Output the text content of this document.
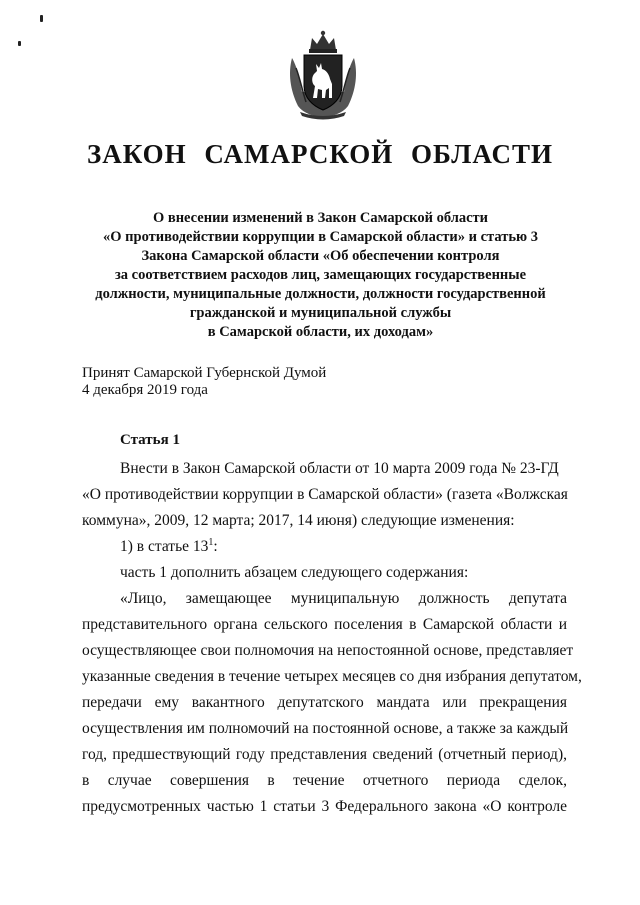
ЗАКОН САМАРСКОЙ ОБЛАСТИ
О внесении изменений в Закон Самарской области
«О противодействии коррупции в Самарской области» и статью 3
Закона Самарской области «Об обеспечении контроля
за соответствием расходов лиц, замещающих государственные
должности, муниципальные должности, должности государственной
гражданской и муниципальной службы
в Самарской области, их доходам»
Принят Самарской Губернской Думой
4 декабря 2019 года
Статья 1
Внести в Закон Самарской области от 10 марта 2009 года № 23-ГД
«О противодействии коррупции в Самарской области» (газета «Волжская
коммуна», 2009, 12 марта; 2017, 14 июня) следующие изменения:
1) в статье $13^1$:
часть 1 дополнить абзацем следующего содержания:
«Лицо, замещающее муниципальную должность депутата
представительного органа сельского поселения в Самарской области и
осуществляющее свои полномочия на непостоянной основе, представляет
указанные сведения в течение четырех месяцев со дня избрания депутатом,
передачи ему вакантного депутатского мандата или прекращения
осуществления им полномочий на постоянной основе, а также за каждый
год, предшествующий году представления сведений (отчетный период),
в случае совершения в течение отчетного периода сделок,
предусмотренных частью 1 статьи 3 Федерального закона «О контроле
